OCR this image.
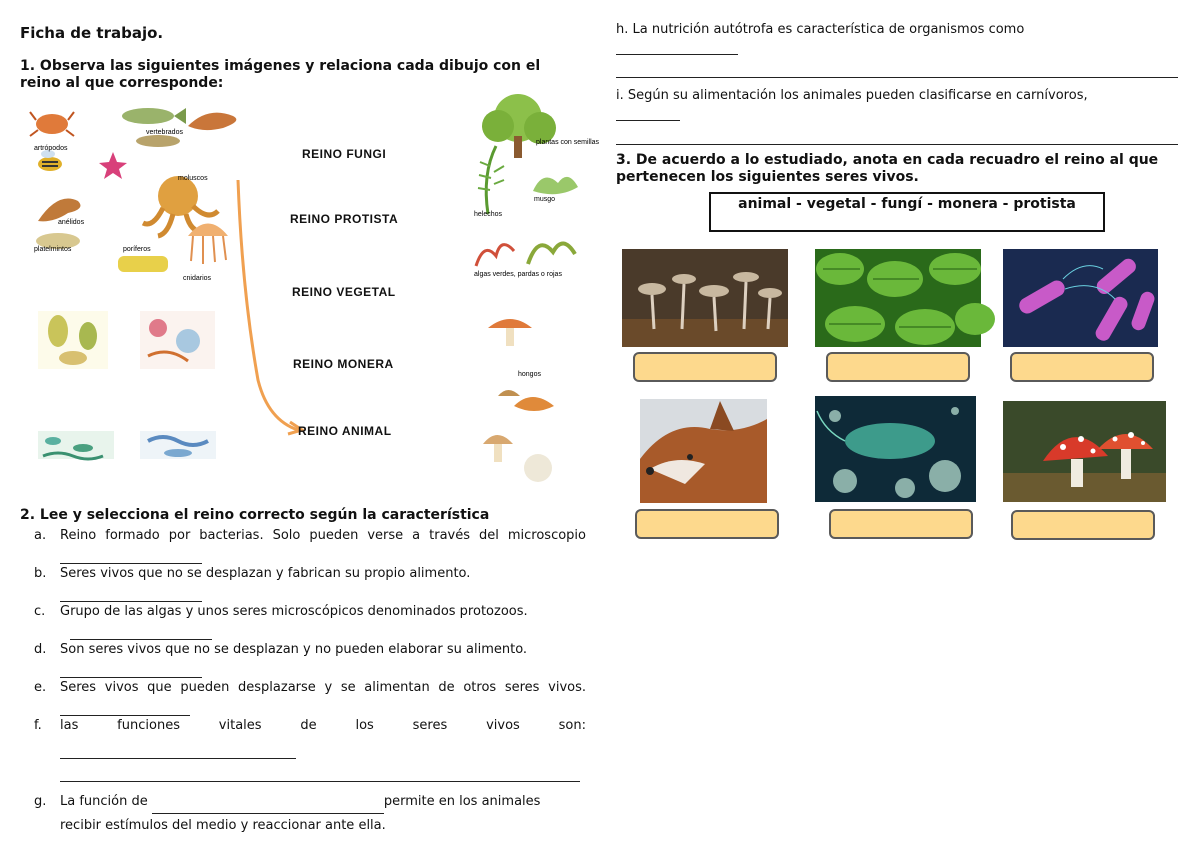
Ficha de trabajo.
1. Observa las siguientes imágenes y relaciona cada dibujo con el reino al que corresponde:
artrópodos
vertebrados
moluscos
anélidos
platelmintos	poríferos
cnidarios
plantas con semillas
musgo
helechos
algas verdes, pardas o rojas
hongos
REINO FUNGI
REINO PROTISTA
REINO VEGETAL
REINO MONERA
REINO ANIMAL
2. Lee y selecciona el reino correcto según la característica
a. Reino formado por bacterias. Solo pueden verse a través del microscopio
b. Seres vivos que no se desplazan y fabrican su propio alimento.

c. Grupo de las algas y unos seres microscópicos denominados protozoos.

d. Son seres vivos que no se desplazan y no pueden elaborar su alimento.

e. Seres vivos que pueden desplazarse y se alimentan de otros seres vivos.
f. las funciones vitales de los seres vivos son:
g. La función de	permite en los animales
recibir estímulos del medio y reaccionar ante ella.
h. La nutrición autótrofa es característica de organismos como
i. Según su alimentación los animales pueden clasificarse en carnívoros,
3. De acuerdo a lo estudiado, anota en cada recuadro el reino al que pertenecen los siguientes seres vivos.
animal - vegetal - fungí - monera - protista
